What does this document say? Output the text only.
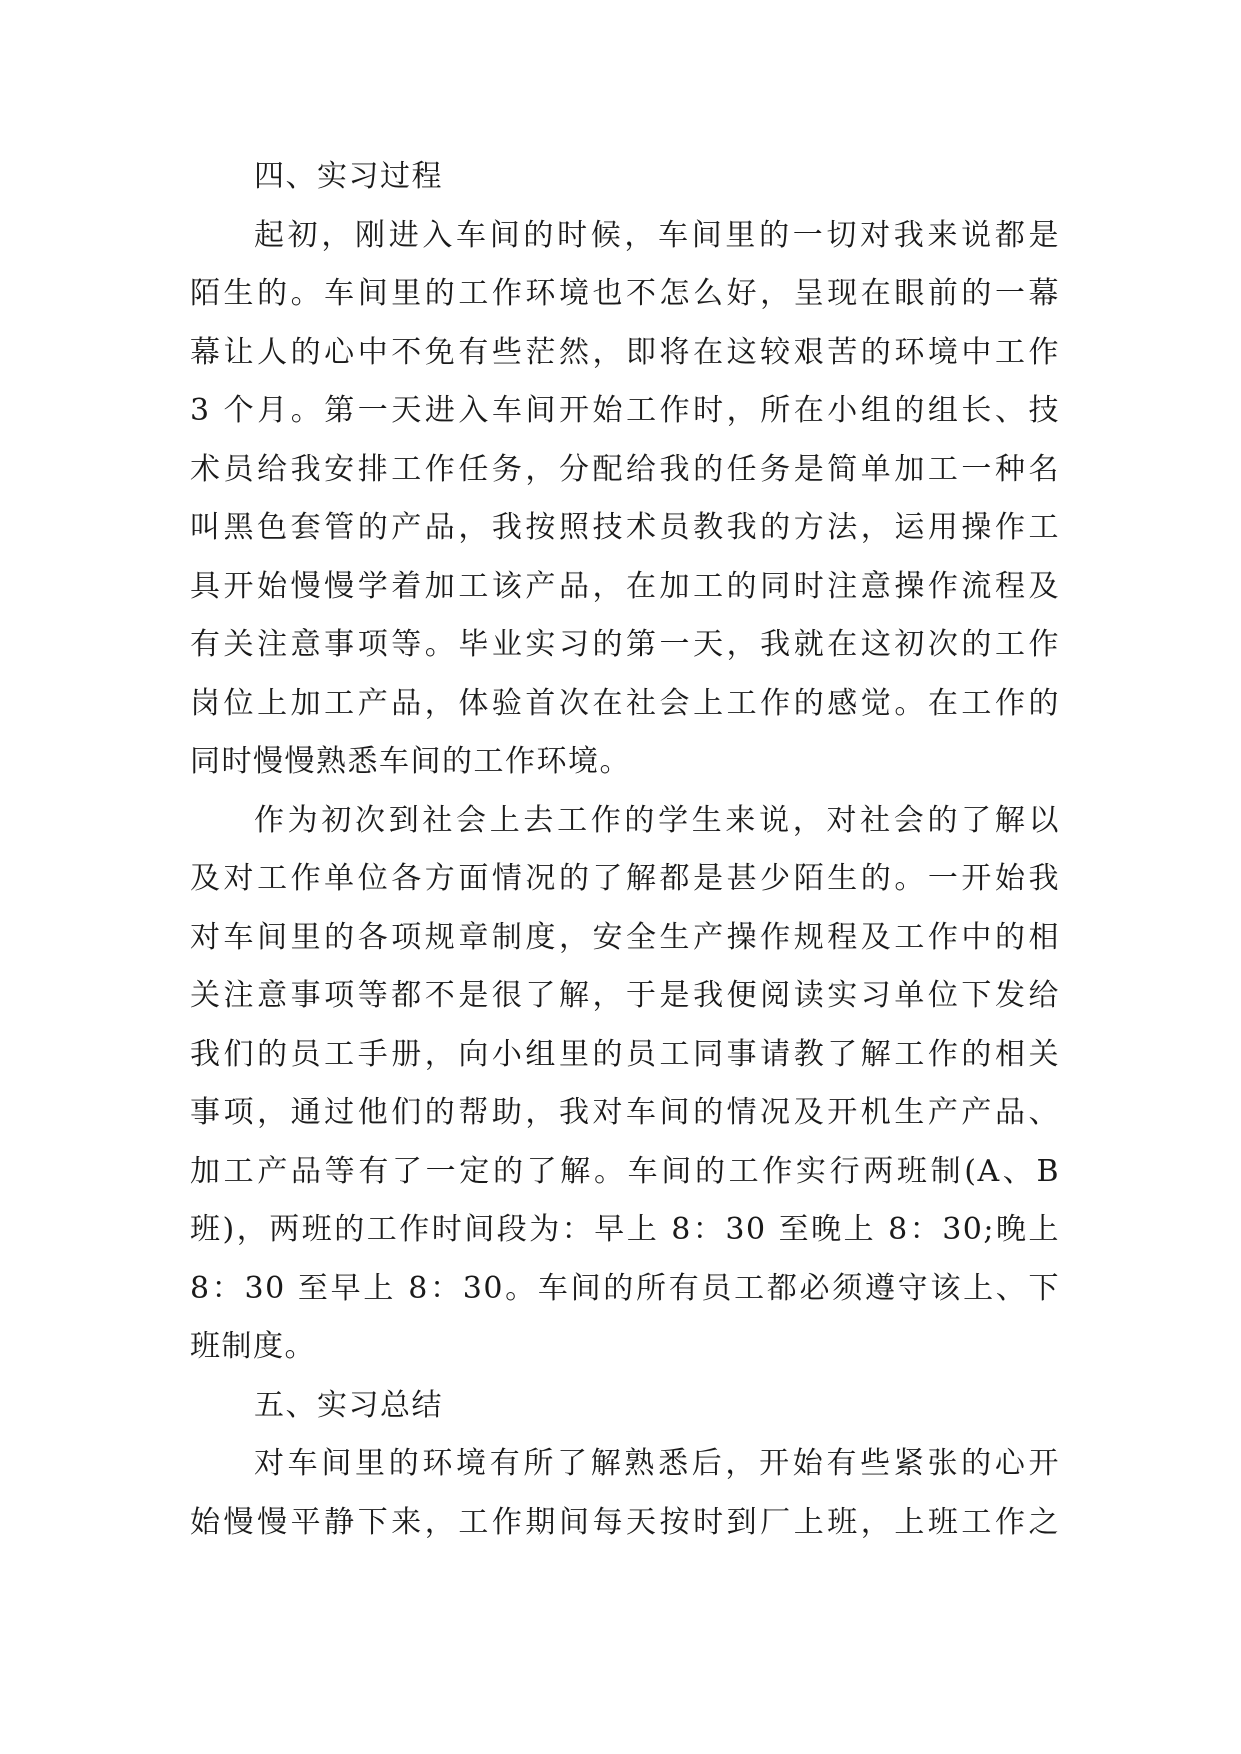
四、实习过程
起初，刚进入车间的时候，车间里的一切对我来说都是
陌生的。车间里的工作环境也不怎么好，呈现在眼前的一幕
幕让人的心中不免有些茫然，即将在这较艰苦的环境中工作
3 个月。第一天进入车间开始工作时，所在小组的组长、技
术员给我安排工作任务，分配给我的任务是简单加工一种名
叫黑色套管的产品，我按照技术员教我的方法，运用操作工
具开始慢慢学着加工该产品，在加工的同时注意操作流程及
有关注意事项等。毕业实习的第一天，我就在这初次的工作
岗位上加工产品，体验首次在社会上工作的感觉。在工作的
同时慢慢熟悉车间的工作环境。
作为初次到社会上去工作的学生来说，对社会的了解以
及对工作单位各方面情况的了解都是甚少陌生的。一开始我
对车间里的各项规章制度，安全生产操作规程及工作中的相
关注意事项等都不是很了解，于是我便阅读实习单位下发给
我们的员工手册，向小组里的员工同事请教了解工作的相关
事项，通过他们的帮助，我对车间的情况及开机生产产品、
加工产品等有了一定的了解。车间的工作实行两班制(A、B
班)，两班的工作时间段为：早上 8：30 至晚上 8：30;晚上
8：30 至早上 8：30。车间的所有员工都必须遵守该上、下
班制度。
五、实习总结
对车间里的环境有所了解熟悉后，开始有些紧张的心开
始慢慢平静下来，工作期间每天按时到厂上班，上班工作之
